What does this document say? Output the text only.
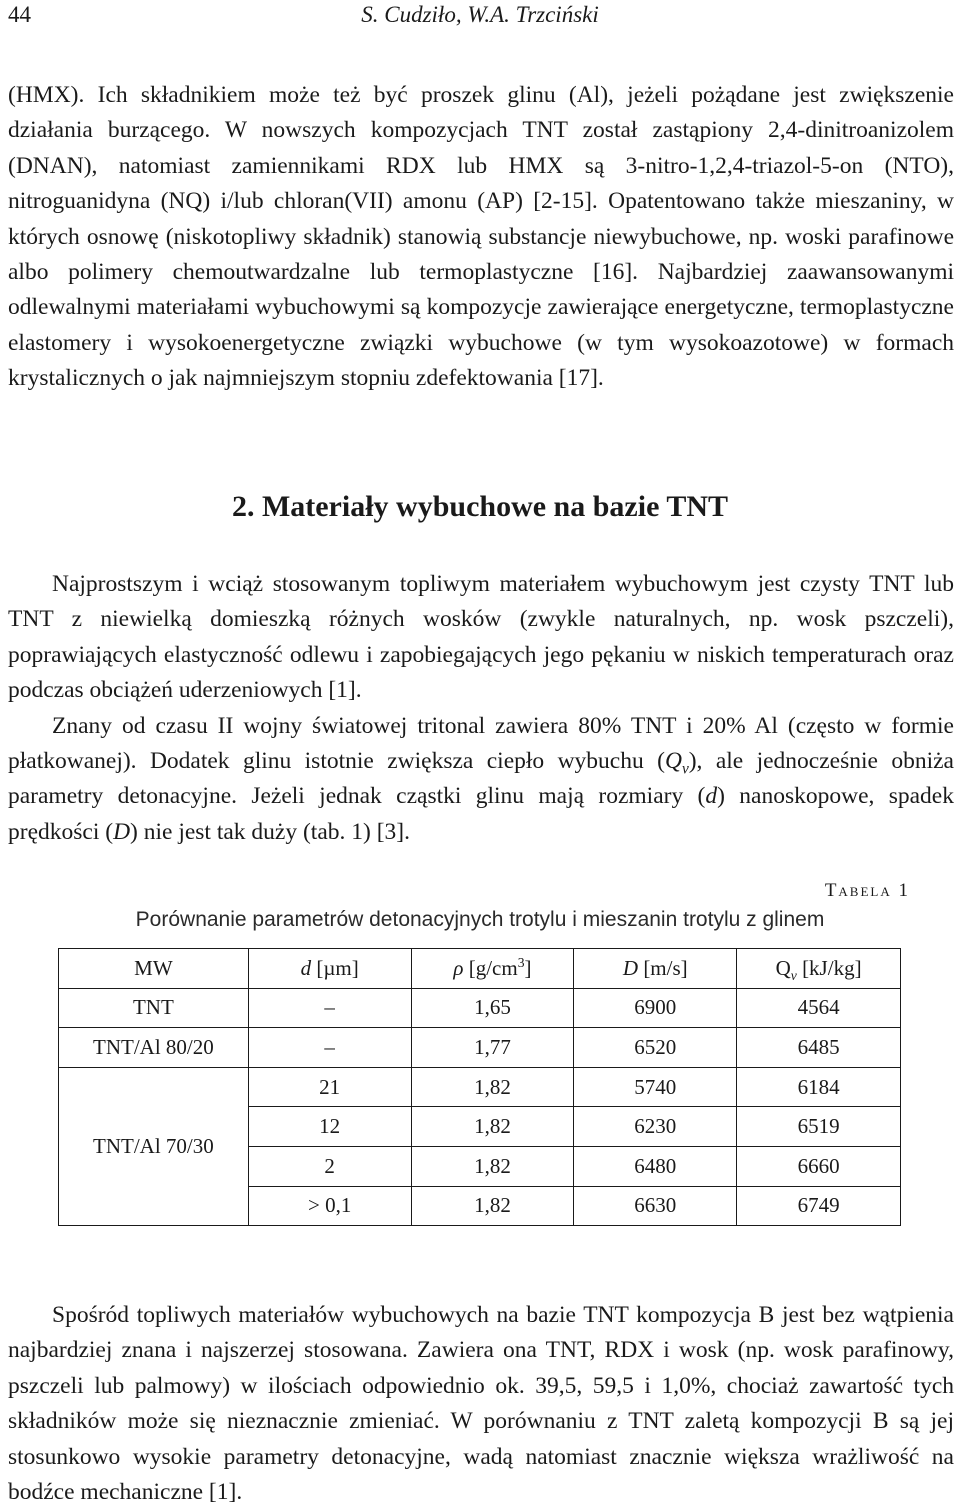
44	S. Cudziło, W.A. Trzciński

(HMX). Ich składnikiem może też być proszek glinu (Al), jeżeli pożądane jest zwiększenie działania burzącego. W nowszych kompozycjach TNT został zastąpiony 2,4-dinitroanizolem (DNAN), natomiast zamiennikami RDX lub HMX są 3-nitro-1,2,4-triazol-5-on (NTO), nitroguanidyna (NQ) i/lub chloran(VII) amonu (AP) [2-15]. Opatentowano także mieszaniny, w których osnowę (niskotopliwy składnik) stanowią substancje niewybuchowe, np. woski parafinowe albo polimery chemoutwardzalne lub termoplastyczne [16]. Najbardziej zaawansowanymi odlewalnymi materiałami wybuchowymi są kompozycje zawierające energetyczne, termoplastyczne elastomery i wysokoenergetyczne związki wybuchowe (w tym wysokoazotowe) w formach krystalicznych o jak najmniejszym stopniu zdefektowania [17].

2. Materiały wybuchowe na bazie TNT

Najprostszym i wciąż stosowanym topliwym materiałem wybuchowym jest czysty TNT lub TNT z niewielką domieszką różnych wosków (zwykle naturalnych, np. wosk pszczeli), poprawiających elastyczność odlewu i zapobiegających jego pękaniu w niskich temperaturach oraz podczas obciążeń uderzeniowych [1].

Znany od czasu II wojny światowej tritonal zawiera 80% TNT i 20% Al (często w formie płatkowanej). Dodatek glinu istotnie zwiększa ciepło wybuchu $(Q_v)$, ale jednocześnie obniża parametry detonacyjne. Jeżeli jednak cząstki glinu mają rozmiary (d) nanoskopowe, spadek prędkości (D) nie jest tak duży (tab. 1) [3].

Tabela 1
Porównanie parametrów detonacyjnych trotylu i mieszanin trotylu z glinem
MW	d [µm]	ρ $[g/cm^3]$	D [m/s]	$Q_v$ [kJ/kg]
TNT	–	1,65	6900	4564
TNT/Al 80/20	–	1,77	6520	6485
TNT/Al 70/30	21	1,82	5740	6184
	12	1,82	6230	6519
	2	1,82	6480	6660
	> 0,1	1,82	6630	6749

Spośród topliwych materiałów wybuchowych na bazie TNT kompozycja B jest bez wątpienia najbardziej znana i najszerzej stosowana. Zawiera ona TNT, RDX i wosk (np. wosk parafinowy, pszczeli lub palmowy) w ilościach odpowiednio ok. 39,5, 59,5 i 1,0%, chociaż zawartość tych składników może się nieznacznie zmieniać. W porównaniu z TNT zaletą kompozycji B są jej stosunkowo wysokie parametry detonacyjne, wadą natomiast znacznie większa wrażliwość na bodźce mechaniczne [1].
